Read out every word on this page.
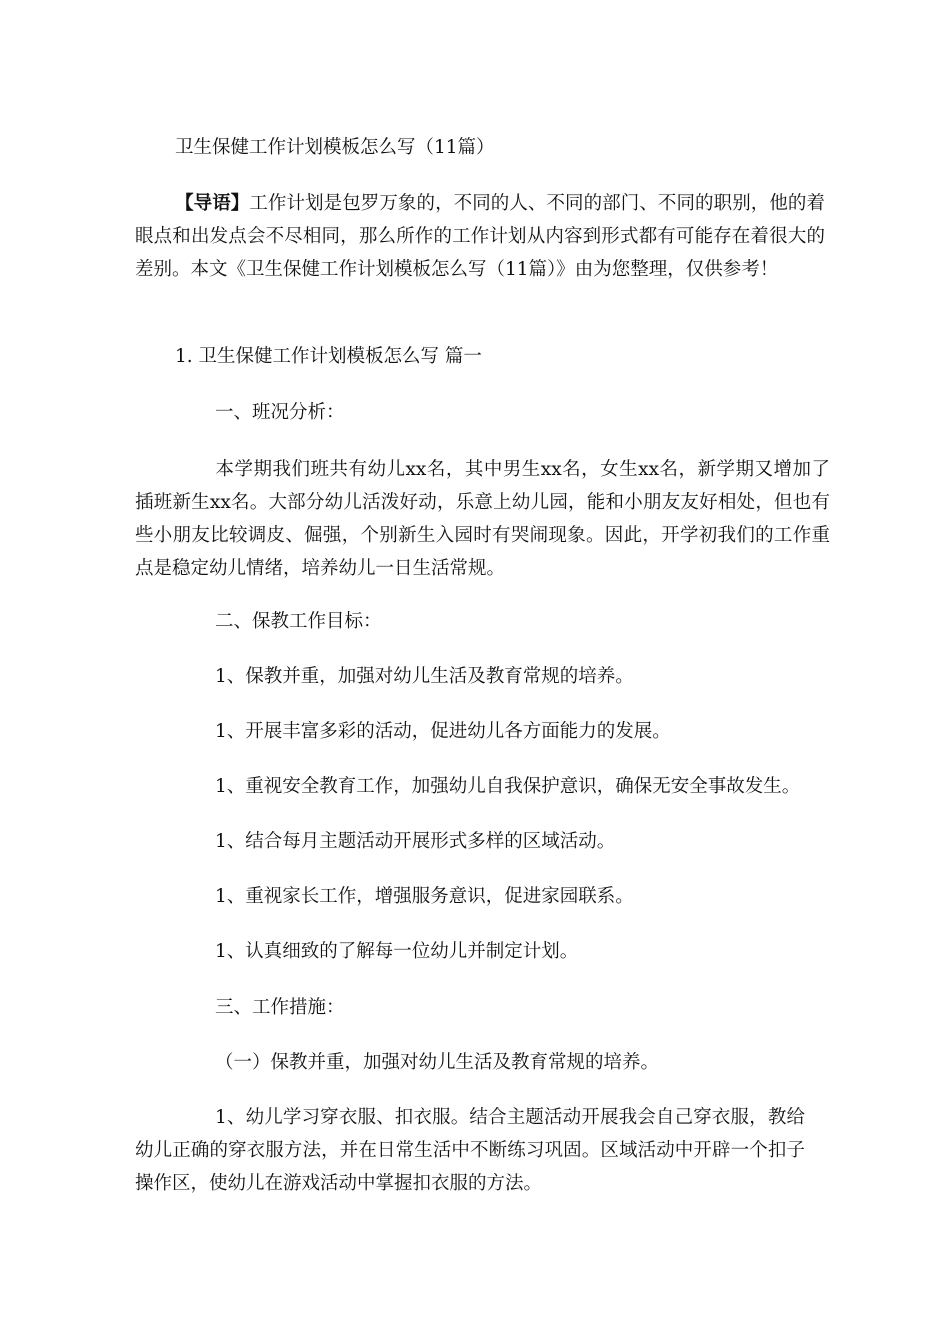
卫生保健工作计划模板怎么写（11篇）
【导语】工作计划是包罗万象的，不同的人、不同的部门、不同的职别，他的着眼点和出发点会不尽相同，那么所作的工作计划从内容到形式都有可能存在着很大的差别。本文《卫生保健工作计划模板怎么写（11篇）》由为您整理，仅供参考！
1. 卫生保健工作计划模板怎么写 篇一
一、班况分析：
本学期我们班共有幼儿xx名，其中男生xx名，女生xx名，新学期又增加了插班新生xx名。大部分幼儿活泼好动，乐意上幼儿园，能和小朋友友好相处，但也有些小朋友比较调皮、倔强，个别新生入园时有哭闹现象。因此，开学初我们的工作重点是稳定幼儿情绪，培养幼儿一日生活常规。
二、保教工作目标：
1、保教并重，加强对幼儿生活及教育常规的培养。
1、开展丰富多彩的活动，促进幼儿各方面能力的发展。
1、重视安全教育工作，加强幼儿自我保护意识，确保无安全事故发生。
1、结合每月主题活动开展形式多样的区域活动。
1、重视家长工作，增强服务意识，促进家园联系。
1、认真细致的了解每一位幼儿并制定计划。
三、工作措施：
（一）保教并重，加强对幼儿生活及教育常规的培养。
1、幼儿学习穿衣服、扣衣服。结合主题活动开展我会自己穿衣服，教给幼儿正确的穿衣服方法，并在日常生活中不断练习巩固。区域活动中开辟一个扣子操作区，使幼儿在游戏活动中掌握扣衣服的方法。
